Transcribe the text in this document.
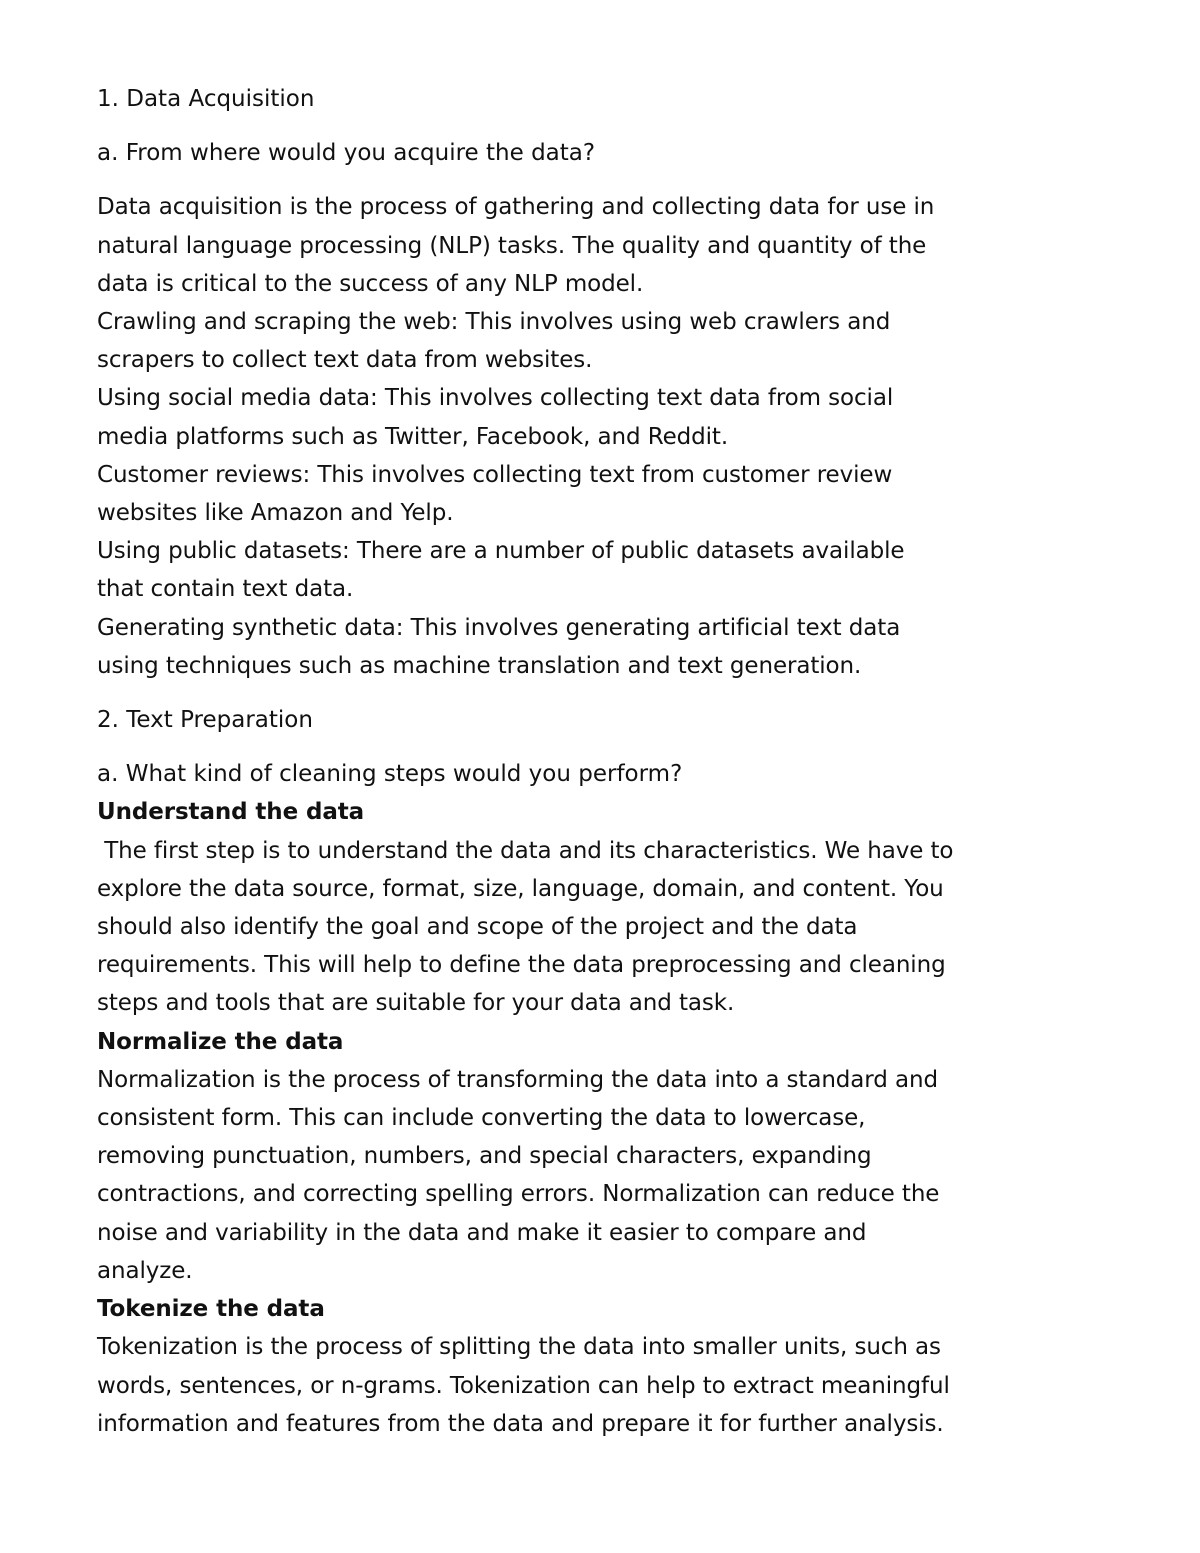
1. Data Acquisition
a. From where would you acquire the data?
Data acquisition is the process of gathering and collecting data for use in
natural language processing (NLP) tasks. The quality and quantity of the
data is critical to the success of any NLP model.
Crawling and scraping the web: This involves using web crawlers and
scrapers to collect text data from websites.
Using social media data: This involves collecting text data from social
media platforms such as Twitter, Facebook, and Reddit.
Customer reviews: This involves collecting text from customer review
websites like Amazon and Yelp.
Using public datasets: There are a number of public datasets available
that contain text data.
Generating synthetic data: This involves generating artificial text data
using techniques such as machine translation and text generation.
2. Text Preparation
a. What kind of cleaning steps would you perform?
Understand the data
The first step is to understand the data and its characteristics. We have to
explore the data source, format, size, language, domain, and content. You
should also identify the goal and scope of the project and the data
requirements. This will help to define the data preprocessing and cleaning
steps and tools that are suitable for your data and task.
Normalize the data
Normalization is the process of transforming the data into a standard and
consistent form. This can include converting the data to lowercase,
removing punctuation, numbers, and special characters, expanding
contractions, and correcting spelling errors. Normalization can reduce the
noise and variability in the data and make it easier to compare and
analyze.
Tokenize the data
Tokenization is the process of splitting the data into smaller units, such as
words, sentences, or n-grams. Tokenization can help to extract meaningful
information and features from the data and prepare it for further analysis.
